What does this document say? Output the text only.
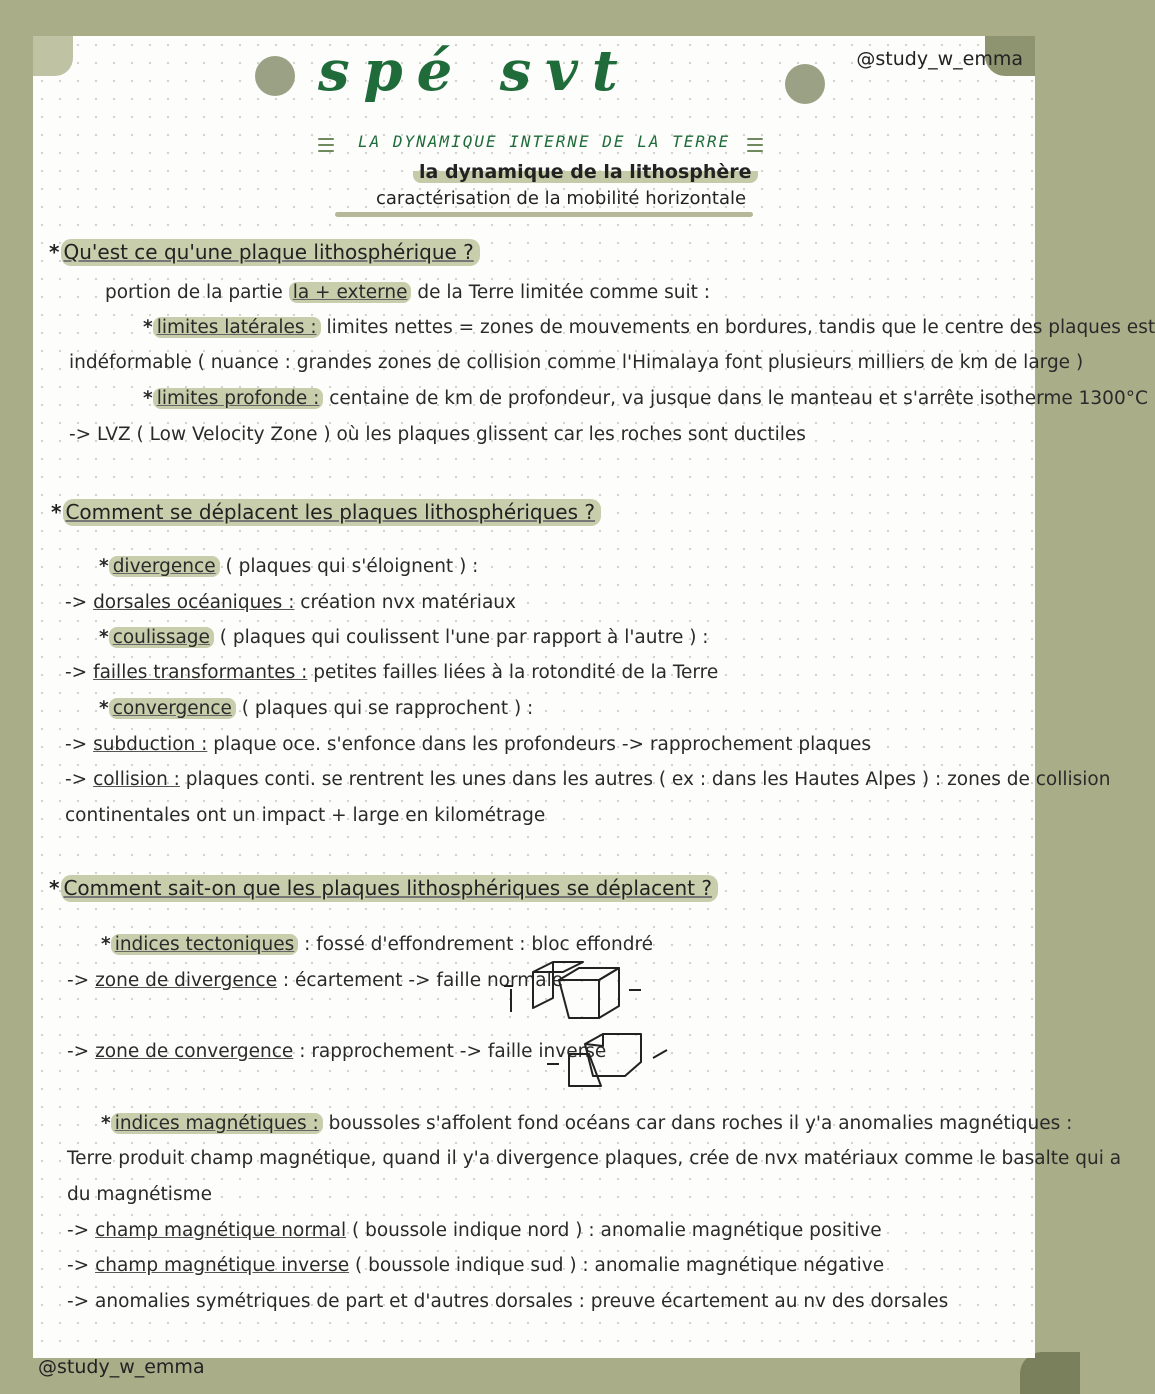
@study_w_emma
spé svt
LA DYNAMIQUE INTERNE DE LA TERRE
la dynamique de la lithosphère
caractérisation de la mobilité horizontale
* Qu'est ce qu'une plaque lithosphérique ?
portion de la partie la + externe de la Terre limitée comme suit :
* limites latérales : limites nettes = zones de mouvements en bordures, tandis que le centre des plaques est
indéformable ( nuance : grandes zones de collision comme l'Himalaya font plusieurs milliers de km de large )
* limites profonde : centaine de km de profondeur, va jusque dans le manteau et s'arrête isotherme 1300°C
-> LVZ ( Low Velocity Zone ) où les plaques glissent car les roches sont ductiles
* Comment se déplacent les plaques lithosphériques ?
* divergence ( plaques qui s'éloignent ) :
-> dorsales océaniques : création nvx matériaux
* coulissage ( plaques qui coulissent l'une par rapport à l'autre ) :
-> failles transformantes : petites failles liées à la rotondité de la Terre
* convergence ( plaques qui se rapprochent ) :
-> subduction : plaque oce. s'enfonce dans les profondeurs -> rapprochement plaques
-> collision : plaques conti. se rentrent les unes dans les autres ( ex : dans les Hautes Alpes ) : zones de collision
continentales ont un impact + large en kilométrage
* Comment sait-on que les plaques lithosphériques se déplacent ?
* indices tectoniques : fossé d'effondrement : bloc effondré
-> zone de divergence : écartement -> faille normale
-> zone de convergence : rapprochement -> faille inverse
* indices magnétiques : boussoles s'affolent fond océans car dans roches il y'a anomalies magnétiques :
Terre produit champ magnétique, quand il y'a divergence plaques, crée de nvx matériaux comme le basalte qui a
du magnétisme
-> champ magnétique normal ( boussole indique nord ) : anomalie magnétique positive
-> champ magnétique inverse ( boussole indique sud ) : anomalie magnétique négative
-> anomalies symétriques de part et d'autres dorsales : preuve écartement au nv des dorsales
@study_w_emma
